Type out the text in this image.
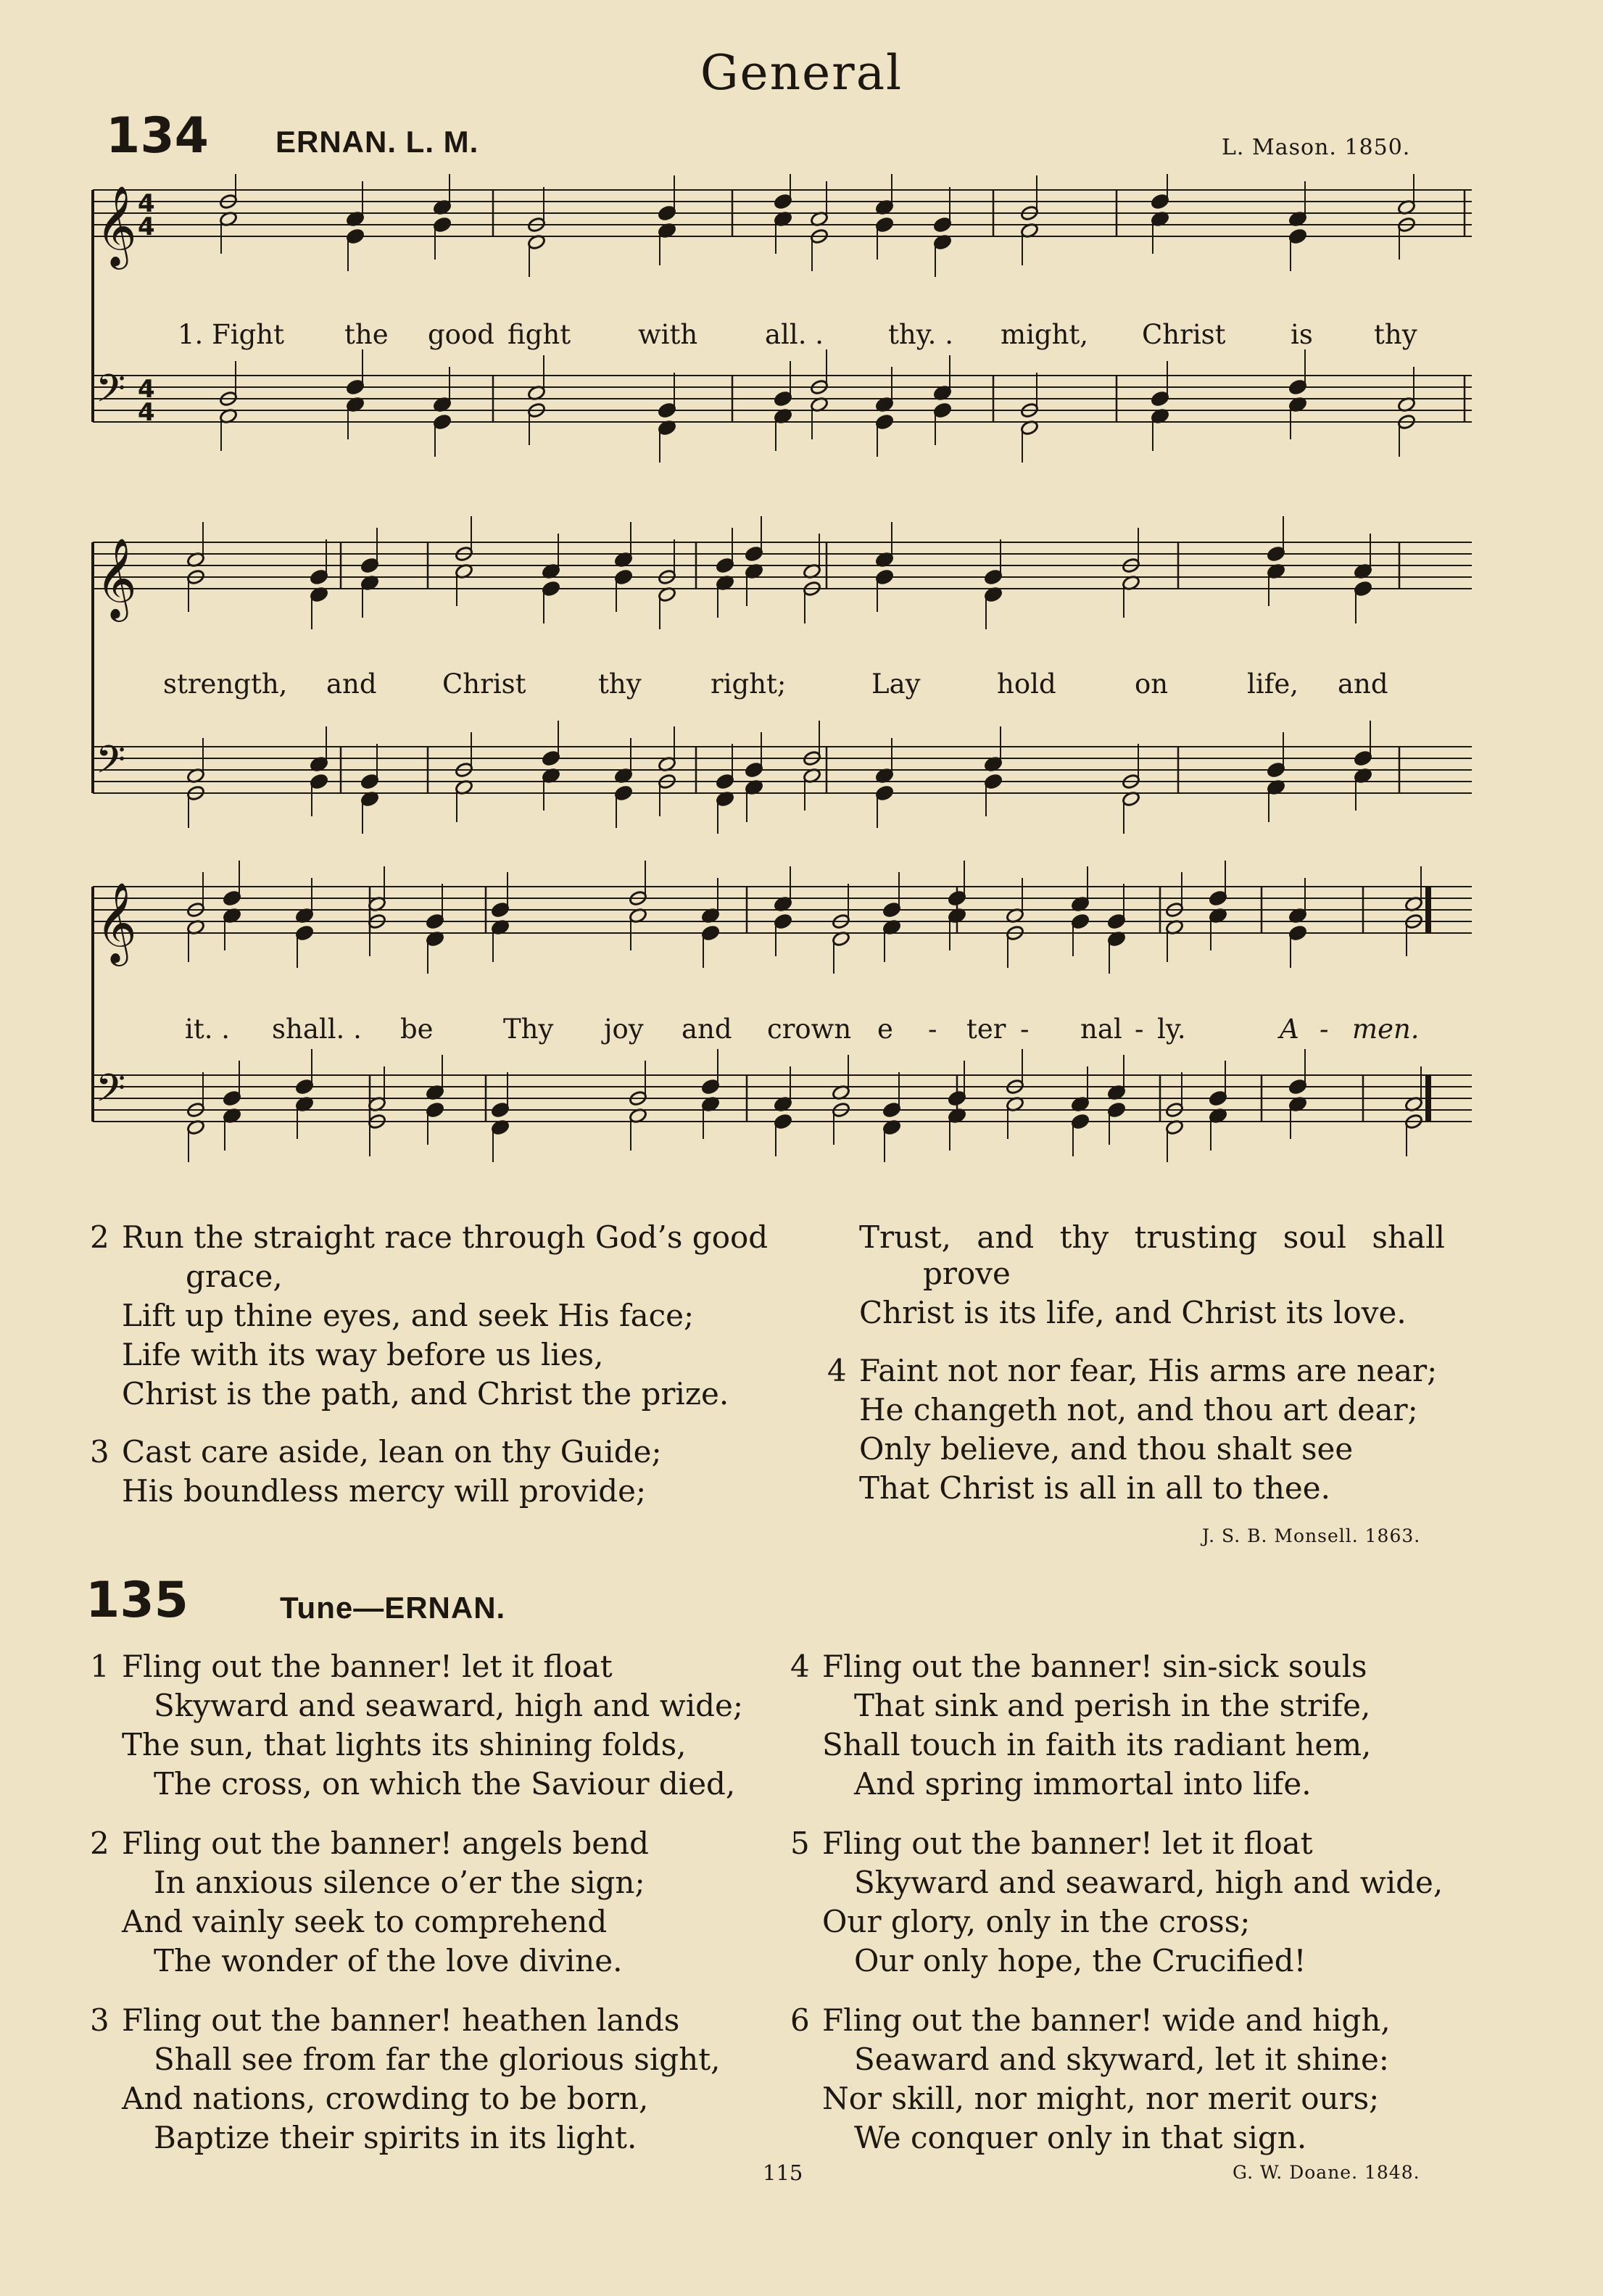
General
134 ERNAN. L. M.	L. Mason. 1850.
𝄞
𝄢
4
4
4
4
𝄞
𝄢
𝄞
𝄢
1. Fight the good fight	with	all. . thy. . might, Christ is thy
strength, and Christ	thy	right;	Lay	hold	on	life, and
it. . shall. . be	Thy joy and crown e - ter - nal - ly.	A - men.
2 Run the straight race through God’s good
grace,
Lift up thine eyes, and seek His face;
Life with its way before us lies,
Christ is the path, and Christ the prize.
3 Cast care aside, lean on thy Guide;
His boundless mercy will provide;
Trust, and thy trusting soul shall
prove
Christ is its life, and Christ its love.
4 Faint not nor fear, His arms are near;
He changeth not, and thou art dear;
Only believe, and thou shalt see
That Christ is all in all to thee.
J. S. B. Monsell. 1863.
135	Tune—ERNAN.
1 Fling out the banner! let it float
Skyward and seaward, high and wide;
The sun, that lights its shining folds,
The cross, on which the Saviour died,
2 Fling out the banner! angels bend
In anxious silence o’er the sign;
And vainly seek to comprehend
The wonder of the love divine.
3 Fling out the banner! heathen lands
Shall see from far the glorious sight,
And nations, crowding to be born,
Baptize their spirits in its light.
4 Fling out the banner! sin-sick souls
That sink and perish in the strife,
Shall touch in faith its radiant hem,
And spring immortal into life.
5 Fling out the banner! let it float
Skyward and seaward, high and wide,
Our glory, only in the cross;
Our only hope, the Crucified!
6 Fling out the banner! wide and high,
Seaward and skyward, let it shine:
Nor skill, nor might, nor merit ours;
We conquer only in that sign.
115	G. W. Doane. 1848.
